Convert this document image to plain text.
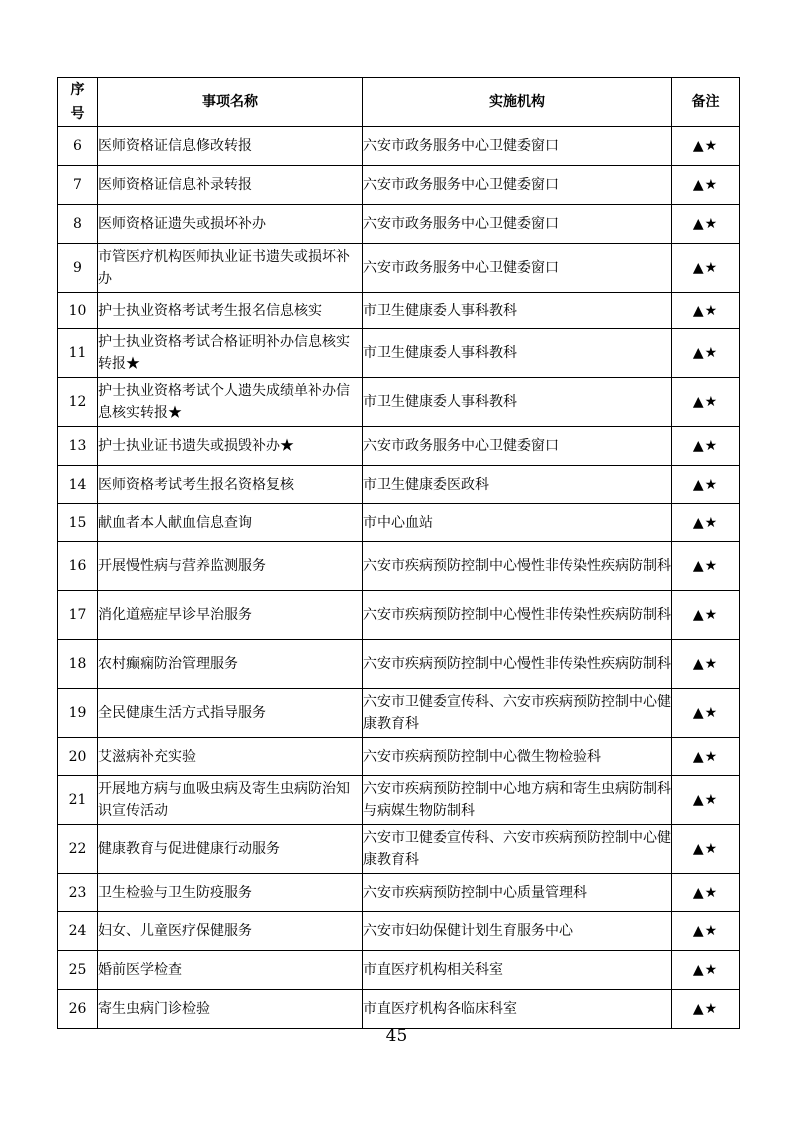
序号	事项名称	实施机构	备注
6	医师资格证信息修改转报	六安市政务服务中心卫健委窗口	▲★
7	医师资格证信息补录转报	六安市政务服务中心卫健委窗口	▲★
8	医师资格证遗失或损坏补办	六安市政务服务中心卫健委窗口	▲★
9	市管医疗机构医师执业证书遗失或损坏补办	六安市政务服务中心卫健委窗口	▲★
10	护士执业资格考试考生报名信息核实	市卫生健康委人事科教科	▲★
11	护士执业资格考试合格证明补办信息核实转报★	市卫生健康委人事科教科	▲★
12	护士执业资格考试个人遗失成绩单补办信息核实转报★	市卫生健康委人事科教科	▲★
13	护士执业证书遗失或损毁补办★	六安市政务服务中心卫健委窗口	▲★
14	医师资格考试考生报名资格复核	市卫生健康委医政科	▲★
15	献血者本人献血信息查询	市中心血站	▲★
16	开展慢性病与营养监测服务	六安市疾病预防控制中心慢性非传染性疾病防制科	▲★
17	消化道癌症早诊早治服务	六安市疾病预防控制中心慢性非传染性疾病防制科	▲★
18	农村癫痫防治管理服务	六安市疾病预防控制中心慢性非传染性疾病防制科	▲★
19	全民健康生活方式指导服务	六安市卫健委宣传科、六安市疾病预防控制中心健康教育科	▲★
20	艾滋病补充实验	六安市疾病预防控制中心微生物检验科	▲★
21	开展地方病与血吸虫病及寄生虫病防治知识宣传活动	六安市疾病预防控制中心地方病和寄生虫病防制科与病媒生物防制科	▲★
22	健康教育与促进健康行动服务	六安市卫健委宣传科、六安市疾病预防控制中心健康教育科	▲★
23	卫生检验与卫生防疫服务	六安市疾病预防控制中心质量管理科	▲★
24	妇女、儿童医疗保健服务	六安市妇幼保健计划生育服务中心	▲★
25	婚前医学检查	市直医疗机构相关科室	▲★
26	寄生虫病门诊检验	市直医疗机构各临床科室	▲★
45
